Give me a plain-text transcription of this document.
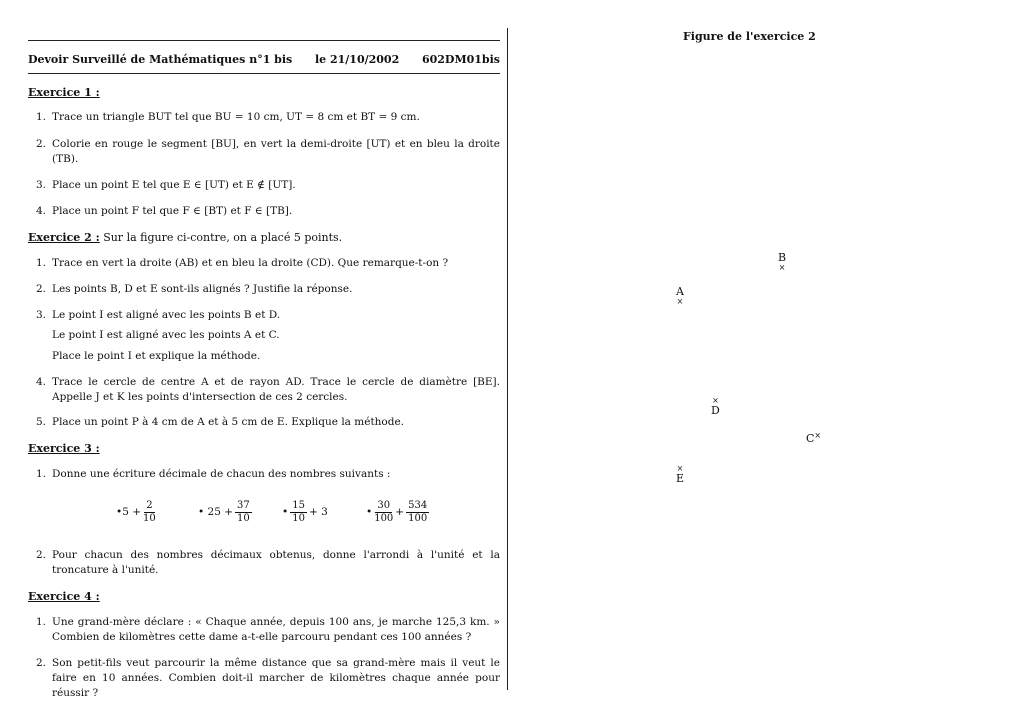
Devoir Surveillé de Mathématiques n°1 bis le 21/10/2002 602DM01bis
Exercice 1 :
1. Trace un triangle BUT tel que BU = 10 cm, UT = 8 cm et BT = 9 cm.
2. Colorie en rouge le segment [BU], en vert la demi-droite [UT) et en bleu la droite (TB).
3. Place un point E tel que E ∈ [UT) et E ∉ [UT].
4. Place un point F tel que F ∈ [BT) et F ∈ [TB].
Exercice 2 : Sur la figure ci-contre, on a placé 5 points.
1. Trace en vert la droite (AB) et en bleu la droite (CD). Que remarque-t-on ?
2. Les points B, D et E sont-ils alignés ? Justifie la réponse.
3. Le point I est aligné avec les points B et D.
Le point I est aligné avec les points A et C.
Place le point I et explique la méthode.
4. Trace le cercle de centre A et de rayon AD. Trace le cercle de diamètre [BE]. Appelle J et K les points d'intersection de ces 2 cercles.
5. Place un point P à 4 cm de A et à 5 cm de E. Explique la méthode.
Exercice 3 :
1. Donne une écriture décimale de chacun des nombres suivants :
•5 + $\frac{2}{10}$	• $25 + \frac{37}{10}$	• $\frac{15}{10} + 3$	• $\frac{30}{100} + \frac{534}{100}$
2. Pour chacun des nombres décimaux obtenus, donne l'arrondi à l'unité et la troncature à l'unité.
Exercice 4 :
1. Une grand-mère déclare : « Chaque année, depuis 100 ans, je marche 125,3 km. » Combien de kilomètres cette dame a-t-elle parcouru pendant ces 100 années ?
2. Son petit-fils veut parcourir la même distance que sa grand-mère mais il veut le faire en 10 années. Combien doit-il marcher de kilomètres chaque année pour réussir ?
Figure de l'exercice 2
B
×
A
×
×
D
C ×
×
E
